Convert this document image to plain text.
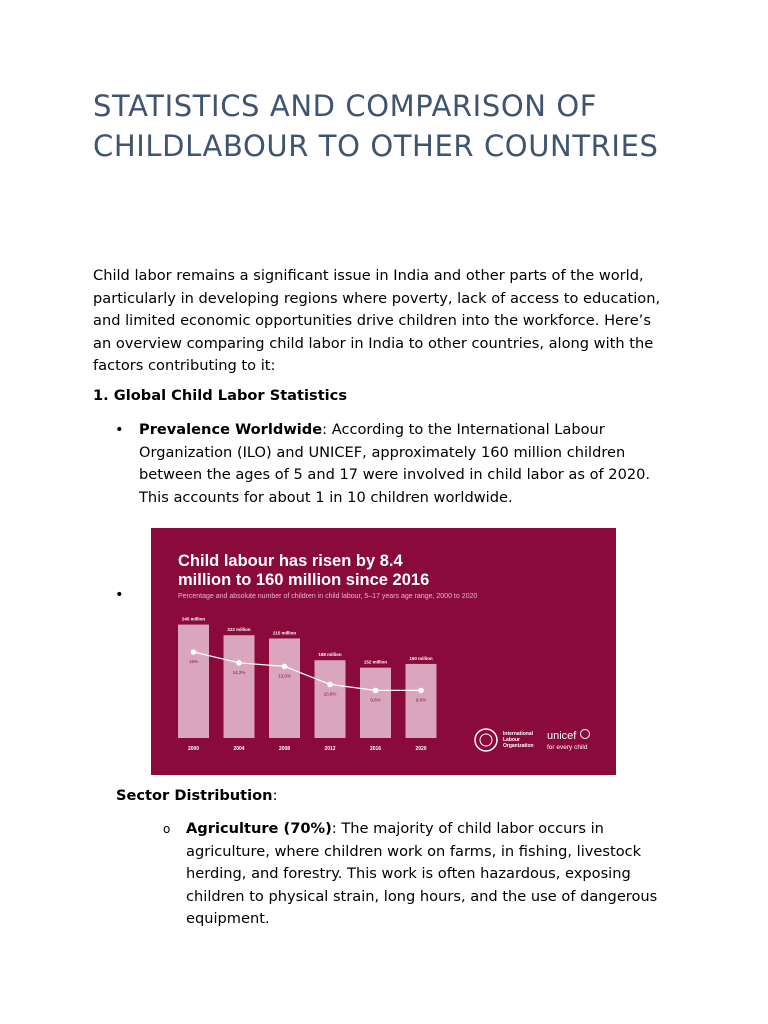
STATISTICS AND COMPARISON OF CHILDLABOUR TO OTHER COUNTRIES

Child labor remains a significant issue in India and other parts of the world, particularly in developing regions where poverty, lack of access to education, and limited economic opportunities drive children into the workforce. Here’s an overview comparing child labor in India to other countries, along with the factors contributing to it:

1. Global Child Labor Statistics

• Prevalence Worldwide: According to the International Labour Organization (ILO) and UNICEF, approximately 160 million children between the ages of 5 and 17 were involved in child labor as of 2020. This accounts for about 1 in 10 children worldwide.

•
Child labour has risen by 8.4
million to 160 million since 2016
Percentage and absolute number of children in child labour, 5–17 years age range, 2000 to 2020
245 million
2000
222 million
2004
215 million
2008
168 million
2012
152 million
2016
160 million
2020
16%
14,2%
13,6%
10,6%
9,6%	9,6%
International
Labour
Organization
unicef
for every child

Sector Distribution:

o Agriculture (70%): The majority of child labor occurs in agriculture, where children work on farms, in fishing, livestock herding, and forestry. This work is often hazardous, exposing children to physical strain, long hours, and the use of dangerous equipment.
